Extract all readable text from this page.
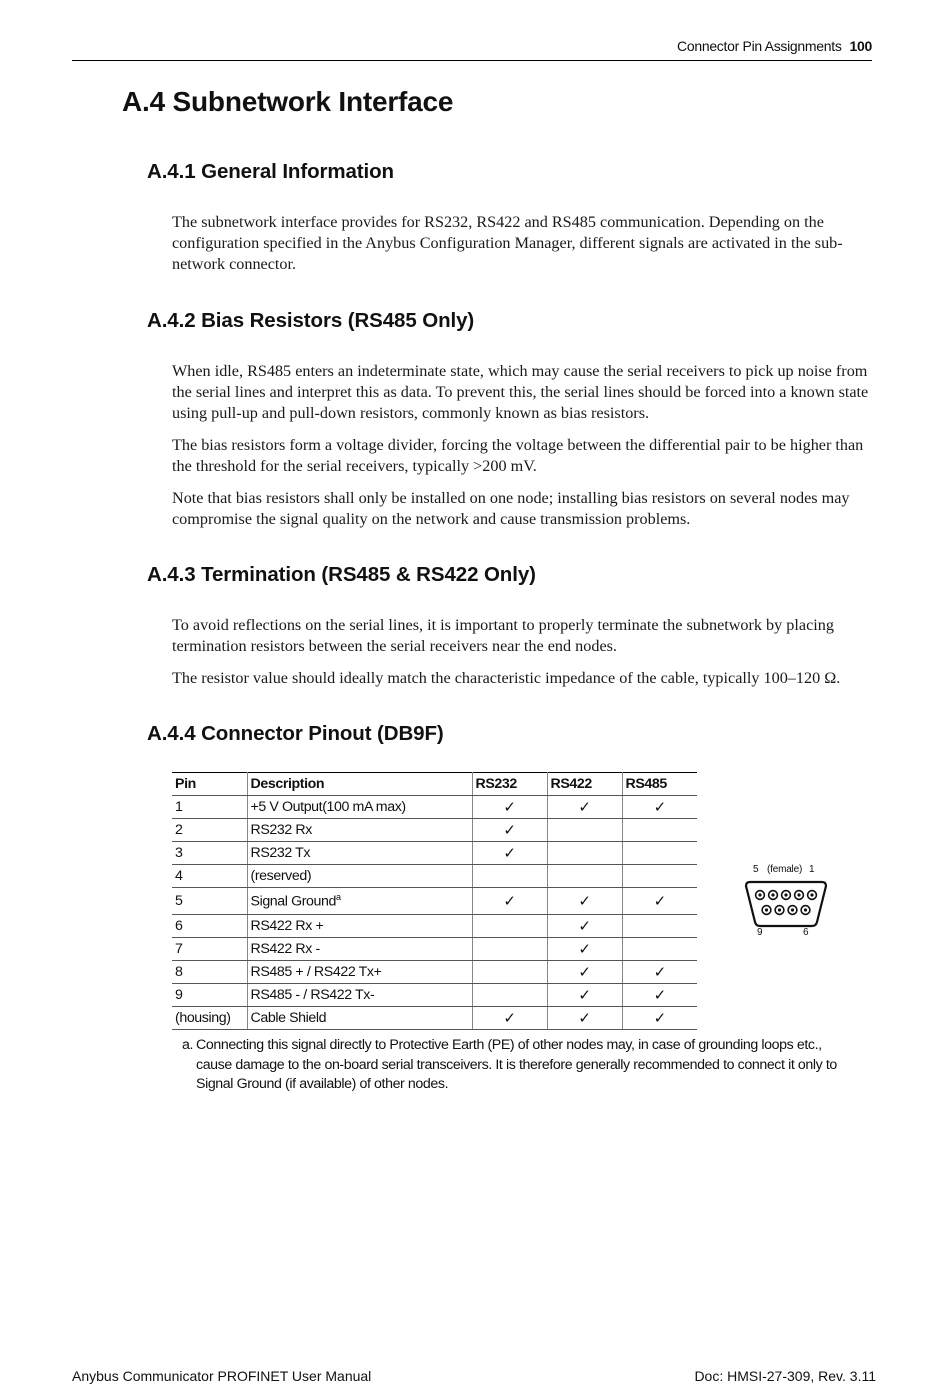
Connector Pin Assignments 100
A.4 Subnetwork Interface
A.4.1 General Information

The subnetwork interface provides for RS232, RS422 and RS485 communication. Depending on the configuration specified in the Anybus Configuration Manager, different signals are activated in the sub-network connector.

A.4.2 Bias Resistors (RS485 Only)

When idle, RS485 enters an indeterminate state, which may cause the serial receivers to pick up noise from the serial lines and interpret this as data. To prevent this, the serial lines should be forced into a known state using pull-up and pull-down resistors, commonly known as bias resistors.

The bias resistors form a voltage divider, forcing the voltage between the differential pair to be higher than the threshold for the serial receivers, typically >200 mV.

Note that bias resistors shall only be installed on one node; installing bias resistors on several nodes may compromise the signal quality on the network and cause transmission problems.

A.4.3 Termination (RS485 & RS422 Only)

To avoid reflections on the serial lines, it is important to properly terminate the subnetwork by placing termination resistors between the serial receivers near the end nodes.

The resistor value should ideally match the characteristic impedance of the cable, typically 100–120 Ω.

A.4.4 Connector Pinout (DB9F)
Pin	Description	RS232	RS422	RS485
1	+5 V Output(100 mA max)	✓	✓	✓
2	RS232 Rx	✓		
3	RS232 Tx	✓		
4	(reserved)			
5	Signal Ground$^a$	✓	✓	✓
6	RS422 Rx +		✓	
7	RS422 Rx -		✓	
8	RS485 + / RS422 Tx+		✓	✓
9	RS485 - / RS422 Tx-		✓	✓
(housing)	Cable Shield	✓	✓	✓
5 (female) 1
9	6
a. Connecting this signal directly to Protective Earth (PE) of other nodes may, in case of grounding loops etc., cause damage to the on-board serial transceivers. It is therefore generally recommended to connect it only to Signal Ground (if available) of other nodes.
Anybus Communicator PROFINET User Manual	Doc: HMSI-27-309, Rev. 3.11
